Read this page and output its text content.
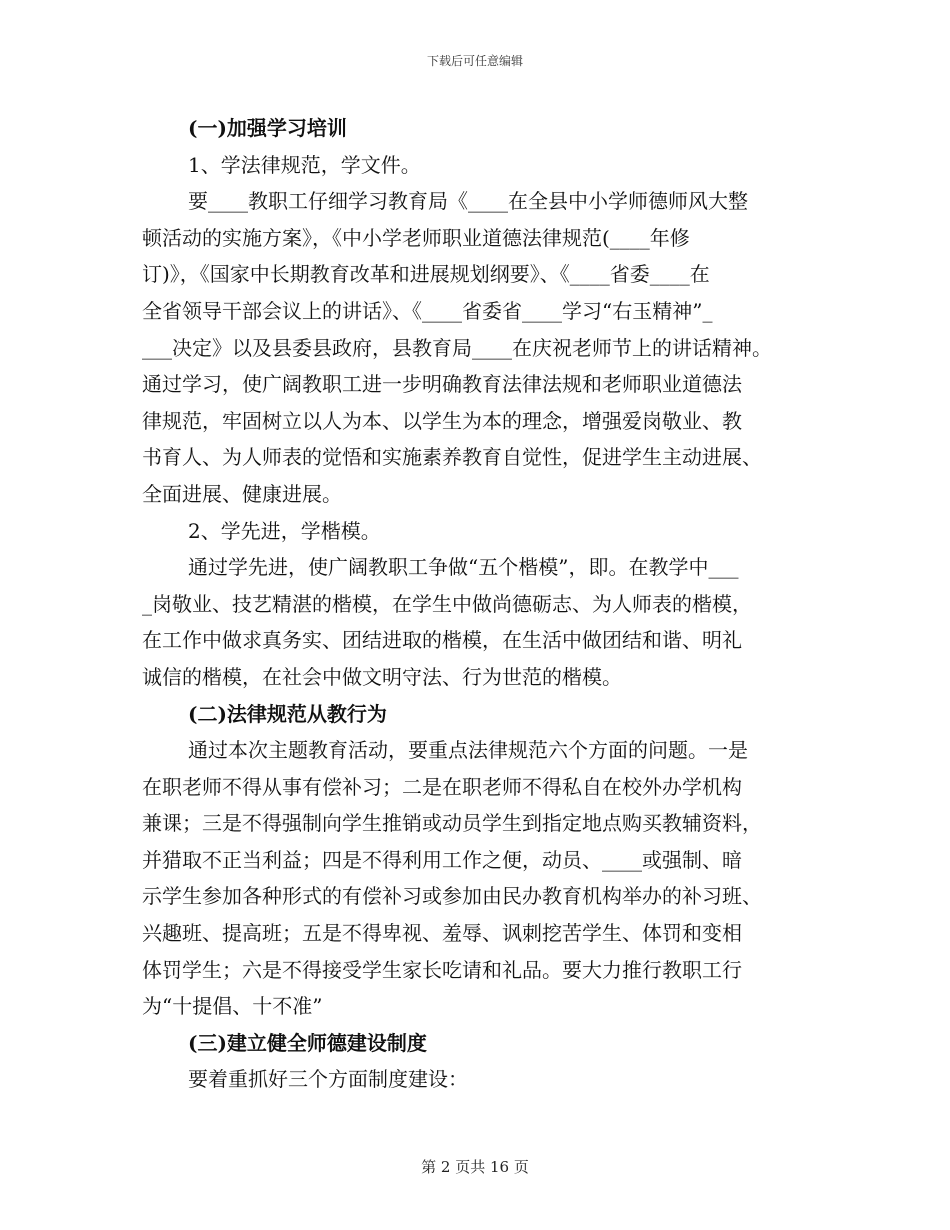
下载后可任意编辑
(一)加强学习培训
1、学法律规范，学文件。
要____教职工仔细学习教育局《____在全县中小学师德师风大整
顿活动的实施方案》，《中小学老师职业道德法律规范(____年修
订)》，《国家中长期教育改革和进展规划纲要》、《____省委____在
全省领导干部会议上的讲话》、《____省委省____学习“右玉精神”_
___决定》以及县委县政府，县教育局____在庆祝老师节上的讲话精神。
通过学习，使广阔教职工进一步明确教育法律法规和老师职业道德法
律规范，牢固树立以人为本、以学生为本的理念，增强爱岗敬业、教
书育人、为人师表的觉悟和实施素养教育自觉性，促进学生主动进展、
全面进展、健康进展。
2、学先进，学楷模。
通过学先进，使广阔教职工争做“五个楷模”，即。在教学中___
_岗敬业、技艺精湛的楷模，在学生中做尚德砺志、为人师表的楷模，
在工作中做求真务实、团结进取的楷模，在生活中做团结和谐、明礼
诚信的楷模，在社会中做文明守法、行为世范的楷模。
(二)法律规范从教行为
通过本次主题教育活动，要重点法律规范六个方面的问题。一是
在职老师不得从事有偿补习；二是在职老师不得私自在校外办学机构
兼课；三是不得强制向学生推销或动员学生到指定地点购买教辅资料，
并猎取不正当利益；四是不得利用工作之便，动员、____或强制、暗
示学生参加各种形式的有偿补习或参加由民办教育机构举办的补习班、
兴趣班、提高班；五是不得卑视、羞辱、讽刺挖苦学生、体罚和变相
体罚学生；六是不得接受学生家长吃请和礼品。要大力推行教职工行
为“十提倡、十不准”
(三)建立健全师德建设制度
要着重抓好三个方面制度建设：
第 2 页共 16 页
